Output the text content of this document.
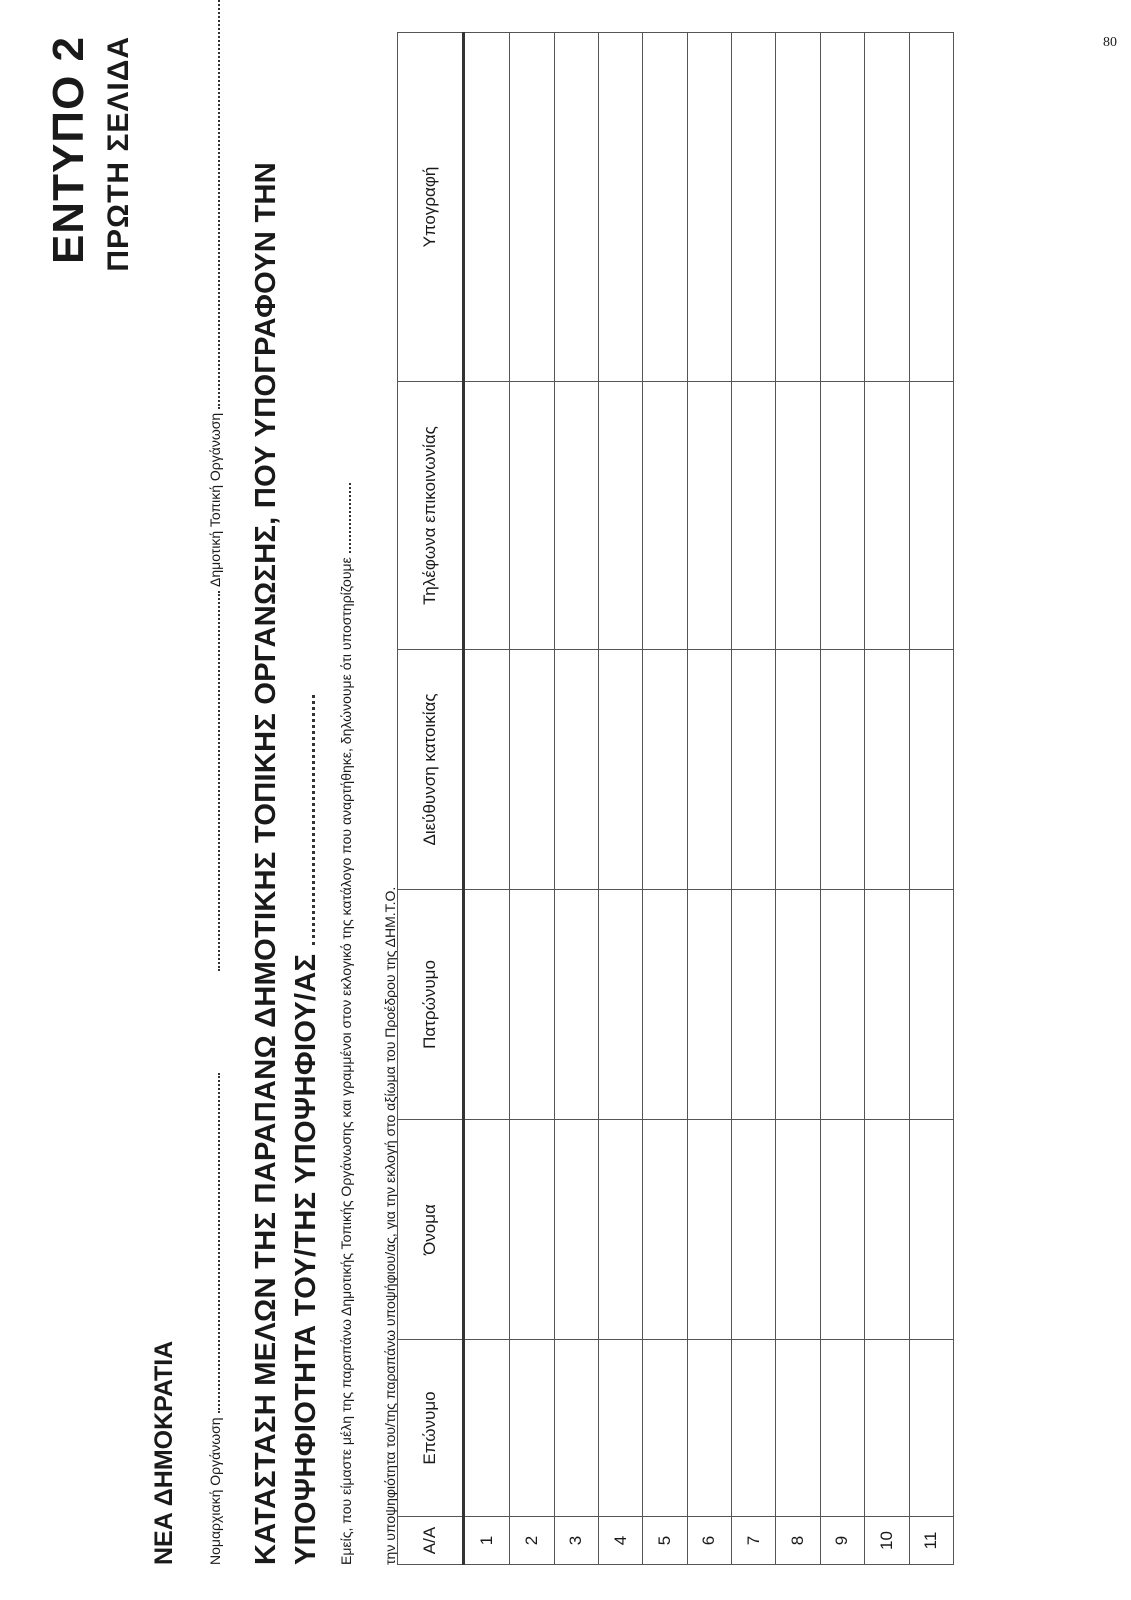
ΝΕΑ ΔΗΜΟΚΡΑΤΙΑ
ΕΝΤΥΠΟ 2 ΠΡΩΤΗ ΣΕΛΙΔΑ
Νομαρχιακή Οργάνωση
Δημοτική Τοπική Οργάνωση ΚΑΤΑΣΤΑΣΗ ΜΕΛΩΝ ΤΗΣ ΠΑΡΑΠΑΝΩ ΔΗΜΟΤΙΚΗΣ ΤΟΠΙΚΗΣ ΟΡΓΑΝΩΣΗΣ, ΠΟΥ ΥΠΟΓΡΑΦΟΥΝ ΤΗΝ ΥΠΟΨΗΦΙΟΤΗΤΑ ΤΟΥ/ΤΗΣ ΥΠΟΨΗΦΙΟΥ/ΑΣ	Εμείς, που είμαστε μέλη της παραπάνω Δημοτικής Τοπικής Οργάνωσης και γραμμένοι στον εκλογικό της κατάλογο που αναρτήθηκε, δηλώνουμε ότι υποστηρίζουμε	την υποψηφιότητα του/της παραπάνω υποψήφιου/ας, για την εκλογή στο αξίωμα του Προέδρου της ΔΗΜ.Τ.Ο.	Α/Α	Επώνυμο	Όνομα	Πατρώνυμο	Διεύθυνση κατοικίας	Τηλέφωνα επικοινωνίας	Υπογραφή
1						
2						
3						
4						
5						
6						
7						
8						
9						
10						
11						
80
